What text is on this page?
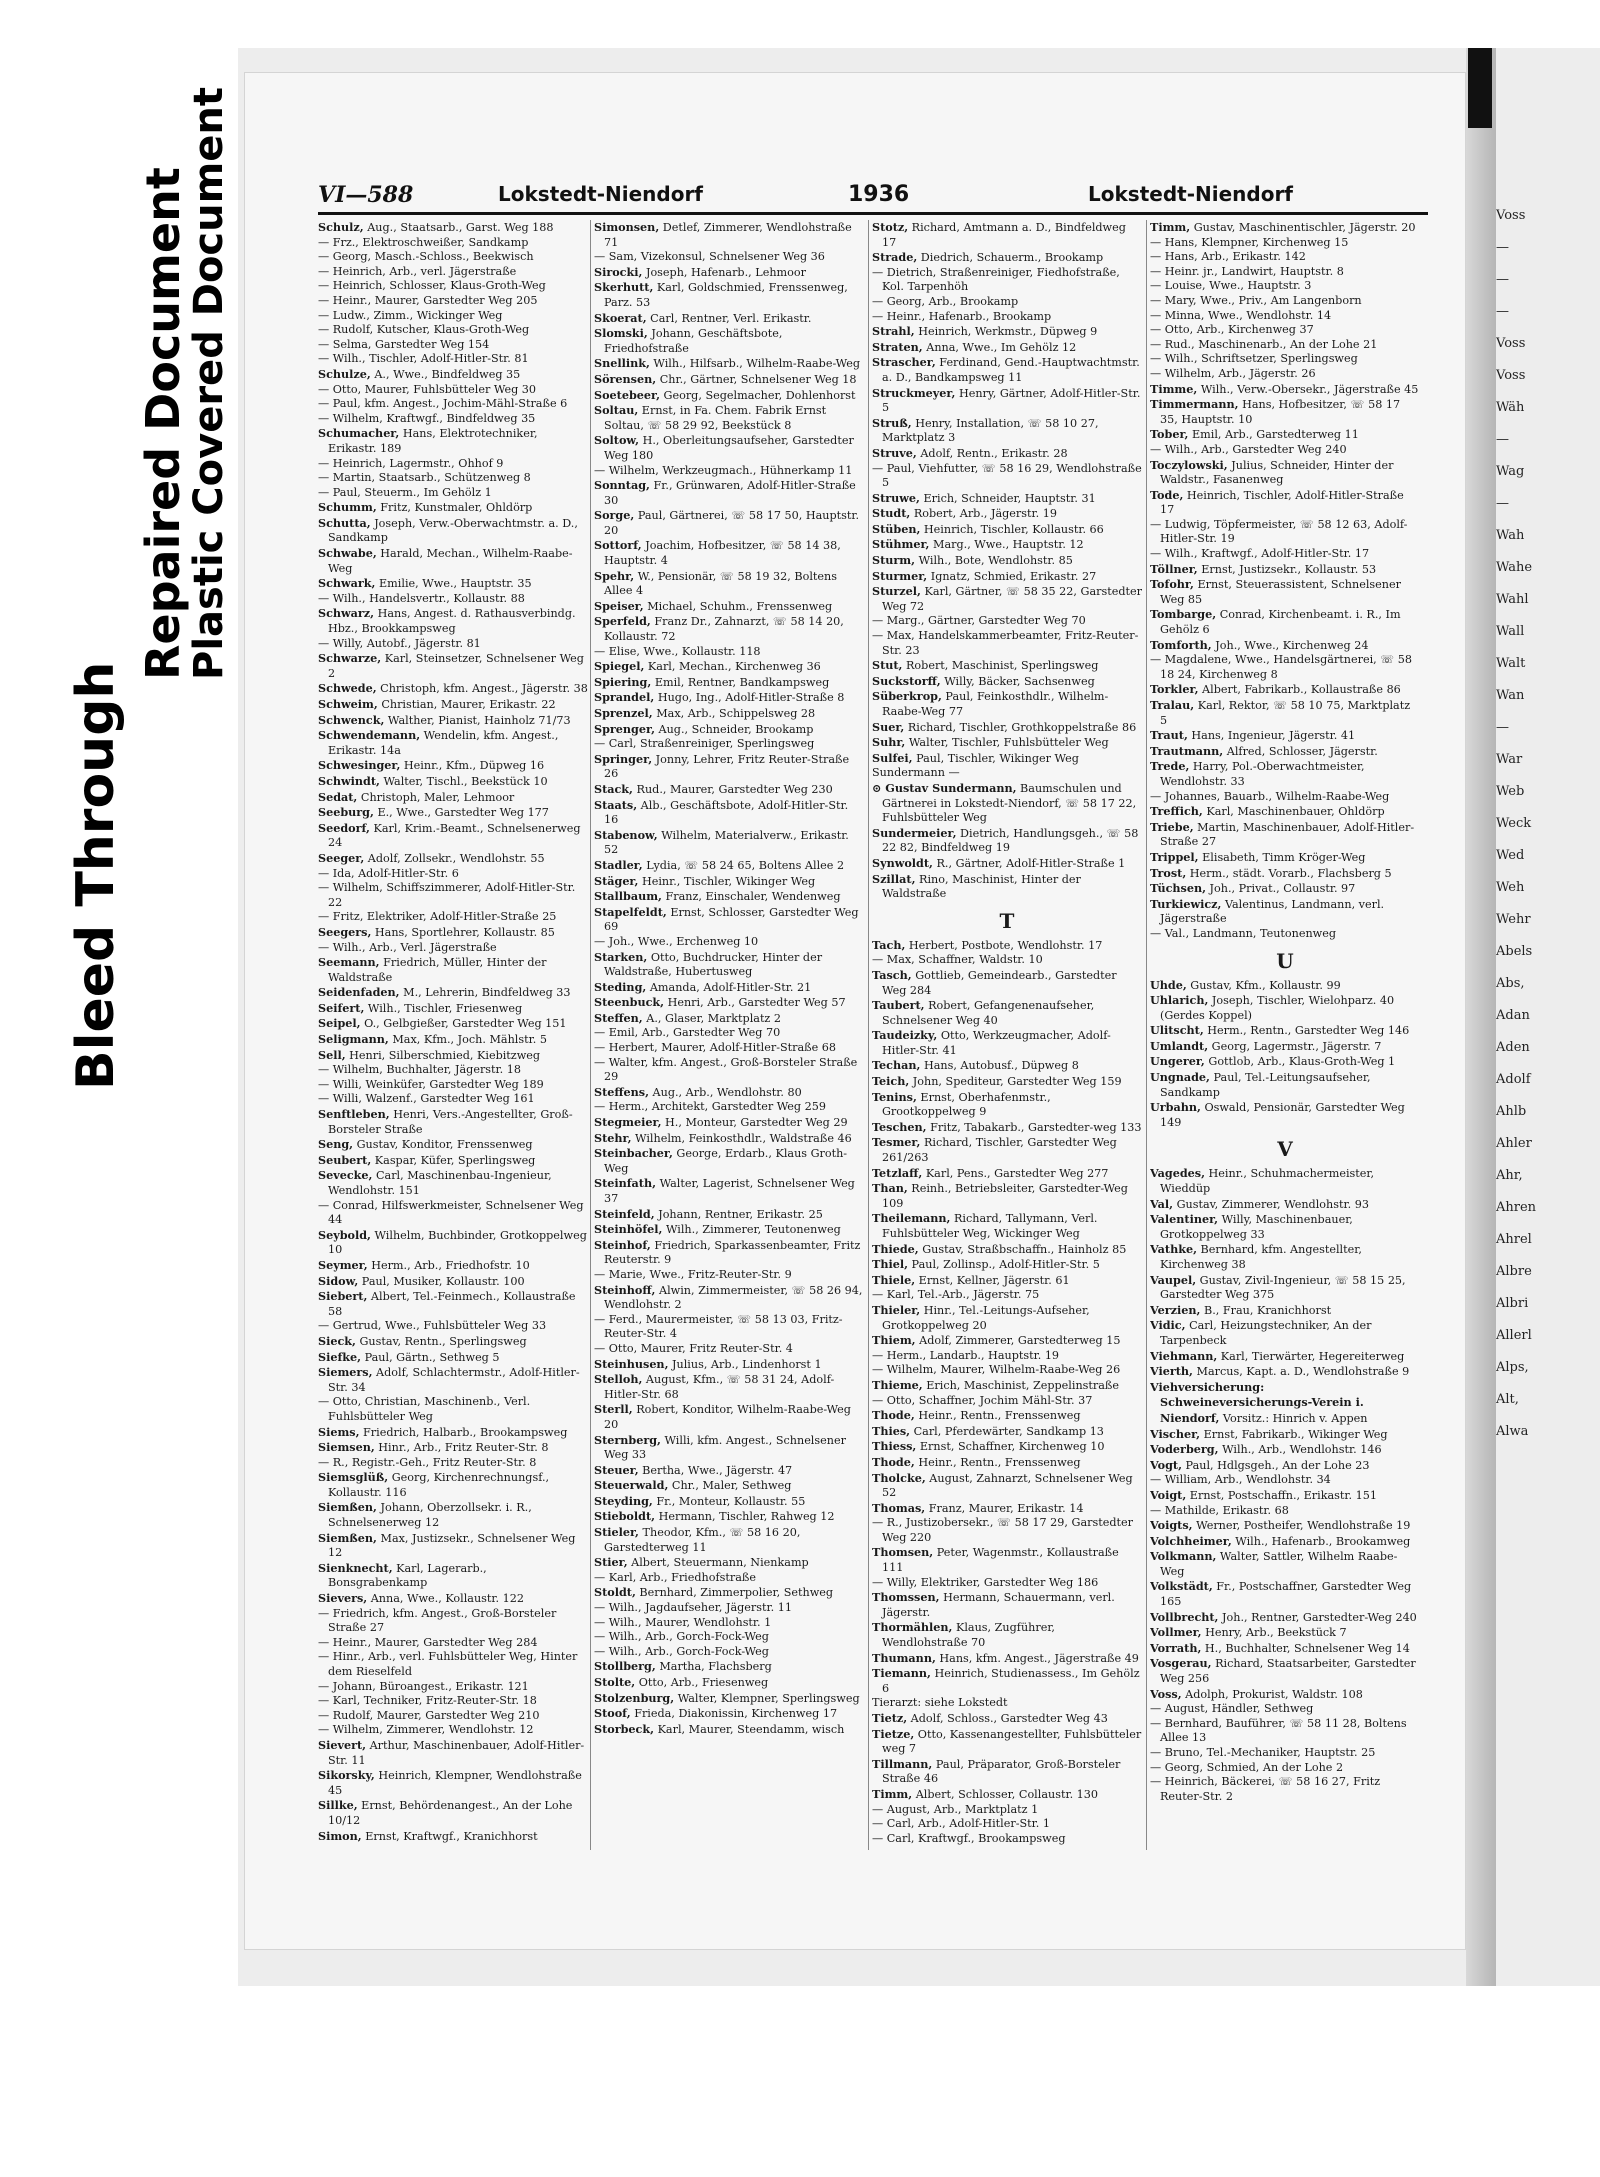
Bleed Through
Repaired Document
Plastic Covered Document	Voss
—
—
—
Voss
Voss
Wäh
—
Wag
—
Wah
Wahe
Wahl
Wall
Walt
Wan
—
War
Web
Weck
Wed
Weh
Wehr
Abels
Abs,
Adan
Aden
Adolf
Ahlb
Ahler
Ahr,
Ahren
Ahrel
Albre
Albri
Allerl
Alps,
Alt,
Alwa
VI—588	Lokstedt-Niendorf	1936	Lokstedt-Niendorf
Schulz, Aug., Staatsarb., Garst. Weg 188
— Frz., Elektroschweißer, Sandkamp
— Georg, Masch.-Schloss., Beekwisch
— Heinrich, Arb., verl. Jägerstraße
— Heinrich, Schlosser, Klaus-Groth-Weg
— Heinr., Maurer, Garstedter Weg 205
— Ludw., Zimm., Wickinger Weg
— Rudolf, Kutscher, Klaus-Groth-Weg
— Selma, Garstedter Weg 154
— Wilh., Tischler, Adolf-Hitler-Str. 81
Schulze, A., Wwe., Bindfeldweg 35
— Otto, Maurer, Fuhlsbütteler Weg 30
— Paul, kfm. Angest., Jochim-Mähl-Straße 6
— Wilhelm, Kraftwgf., Bindfeldweg 35
Schumacher, Hans, Elektrotechniker, Erikastr. 189
— Heinrich, Lagermstr., Ohhof 9
— Martin, Staatsarb., Schützenweg 8
— Paul, Steuerm., Im Gehölz 1
Schumm, Fritz, Kunstmaler, Ohldörp
Schutta, Joseph, Verw.-Oberwachtmstr. a. D., Sandkamp
Schwabe, Harald, Mechan., Wilhelm-Raabe-Weg
Schwark, Emilie, Wwe., Hauptstr. 35
— Wilh., Handelsvertr., Kollaustr. 88
Schwarz, Hans, Angest. d. Rathausverbindg. Hbz., Brookkampsweg
— Willy, Autobf., Jägerstr. 81
Schwarze, Karl, Steinsetzer, Schnelsener Weg 2
Schwede, Christoph, kfm. Angest., Jägerstr. 38
Schweim, Christian, Maurer, Erikastr. 22
Schwenck, Walther, Pianist, Hainholz 71/73
Schwendemann, Wendelin, kfm. Angest., Erikastr. 14a
Schwesinger, Heinr., Kfm., Düpweg 16
Schwindt, Walter, Tischl., Beekstück 10
Sedat, Christoph, Maler, Lehmoor
Seeburg, E., Wwe., Garstedter Weg 177
Seedorf, Karl, Krim.-Beamt., Schnelsenerweg 24
Seeger, Adolf, Zollsekr., Wendlohstr. 55
— Ida, Adolf-Hitler-Str. 6
— Wilhelm, Schiffszimmerer, Adolf-Hitler-Str. 22
— Fritz, Elektriker, Adolf-Hitler-Straße 25
Seegers, Hans, Sportlehrer, Kollaustr. 85
— Wilh., Arb., Verl. Jägerstraße
Seemann, Friedrich, Müller, Hinter der Waldstraße
Seidenfaden, M., Lehrerin, Bindfeldweg 33
Seifert, Wilh., Tischler, Friesenweg
Seipel, O., Gelbgießer, Garstedter Weg 151
Seligmann, Max, Kfm., Joch. Mählstr. 5
Sell, Henri, Silberschmied, Kiebitzweg
— Wilhelm, Buchhalter, Jägerstr. 18
— Willi, Weinküfer, Garstedter Weg 189
— Willi, Walzenf., Garstedter Weg 161
Senftleben, Henri, Vers.-Angestellter, Groß-Borsteler Straße
Seng, Gustav, Konditor, Frenssenweg
Seubert, Kaspar, Küfer, Sperlingsweg
Sevecke, Carl, Maschinenbau-Ingenieur, Wendlohstr. 151
— Conrad, Hilfswerkmeister, Schnelsener Weg 44
Seybold, Wilhelm, Buchbinder, Grotkoppelweg 10
Seymer, Herm., Arb., Friedhofstr. 10
Sidow, Paul, Musiker, Kollaustr. 100
Siebert, Albert, Tel.-Feinmech., Kollaustraße 58
— Gertrud, Wwe., Fuhlsbütteler Weg 33
Sieck, Gustav, Rentn., Sperlingsweg
Siefke, Paul, Gärtn., Sethweg 5
Siemers, Adolf, Schlachtermstr., Adolf-Hitler-Str. 34
— Otto, Christian, Maschinenb., Verl. Fuhlsbütteler Weg
Siems, Friedrich, Halbarb., Brookampsweg
Siemsen, Hinr., Arb., Fritz Reuter-Str. 8
— R., Registr.-Geh., Fritz Reuter-Str. 8
Siemsglüß, Georg, Kirchenrechnungsf., Kollaustr. 116
Siemßen, Johann, Oberzollsekr. i. R., Schnelsenerweg 12
Siemßen, Max, Justizsekr., Schnelsener Weg 12
Sienknecht, Karl, Lagerarb., Bonsgrabenkamp
Sievers, Anna, Wwe., Kollaustr. 122
— Friedrich, kfm. Angest., Groß-Borsteler Straße 27
— Heinr., Maurer, Garstedter Weg 284
— Hinr., Arb., verl. Fuhlsbütteler Weg, Hinter dem Rieselfeld
— Johann, Büroangest., Erikastr. 121
— Karl, Techniker, Fritz-Reuter-Str. 18
— Rudolf, Maurer, Garstedter Weg 210
— Wilhelm, Zimmerer, Wendlohstr. 12
Sievert, Arthur, Maschinenbauer, Adolf-Hitler-Str. 11
Sikorsky, Heinrich, Klempner, Wendlohstraße 45
Sillke, Ernst, Behördenangest., An der Lohe 10/12
Simon, Ernst, Kraftwgf., Kranichhorst
Simonsen, Detlef, Zimmerer, Wendlohstraße 71
— Sam, Vizekonsul, Schnelsener Weg 36
Sirocki, Joseph, Hafenarb., Lehmoor
Skerhutt, Karl, Goldschmied, Frenssenweg, Parz. 53
Skoerat, Carl, Rentner, Verl. Erikastr.
Slomski, Johann, Geschäftsbote, Friedhofstraße
Snellink, Wilh., Hilfsarb., Wilhelm-Raabe-Weg
Sörensen, Chr., Gärtner, Schnelsener Weg 18
Soetebeer, Georg, Segelmacher, Dohlenhorst
Soltau, Ernst, in Fa. Chem. Fabrik Ernst Soltau, ☏ 58 29 92, Beekstück 8
Soltow, H., Oberleitungsaufseher, Garstedter Weg 180
— Wilhelm, Werkzeugmach., Hühnerkamp 11
Sonntag, Fr., Grünwaren, Adolf-Hitler-Straße 30
Sorge, Paul, Gärtnerei, ☏ 58 17 50, Hauptstr. 20
Sottorf, Joachim, Hofbesitzer, ☏ 58 14 38, Hauptstr. 4
Spehr, W., Pensionär, ☏ 58 19 32, Boltens Allee 4
Speiser, Michael, Schuhm., Frenssenweg
Sperfeld, Franz Dr., Zahnarzt, ☏ 58 14 20, Kollaustr. 72
— Elise, Wwe., Kollaustr. 118
Spiegel, Karl, Mechan., Kirchenweg 36
Spiering, Emil, Rentner, Bandkampsweg
Sprandel, Hugo, Ing., Adolf-Hitler-Straße 8
Sprenzel, Max, Arb., Schippelsweg 28
Sprenger, Aug., Schneider, Brookamp
— Carl, Straßenreiniger, Sperlingsweg
Springer, Jonny, Lehrer, Fritz Reuter-Straße 26
Stack, Rud., Maurer, Garstedter Weg 230
Staats, Alb., Geschäftsbote, Adolf-Hitler-Str. 16
Stabenow, Wilhelm, Materialverw., Erikastr. 52
Stadler, Lydia, ☏ 58 24 65, Boltens Allee 2
Stäger, Heinr., Tischler, Wikinger Weg
Stallbaum, Franz, Einschaler, Wendenweg
Stapelfeldt, Ernst, Schlosser, Garstedter Weg 69
— Joh., Wwe., Erchenweg 10
Starken, Otto, Buchdrucker, Hinter der Waldstraße, Hubertusweg
Steding, Amanda, Adolf-Hitler-Str. 21
Steenbuck, Henri, Arb., Garstedter Weg 57
Steffen, A., Glaser, Marktplatz 2
— Emil, Arb., Garstedter Weg 70
— Herbert, Maurer, Adolf-Hitler-Straße 68
— Walter, kfm. Angest., Groß-Borsteler Straße 29
Steffens, Aug., Arb., Wendlohstr. 80
— Herm., Architekt, Garstedter Weg 259
Stegmeier, H., Monteur, Garstedter Weg 29
Stehr, Wilhelm, Feinkosthdlr., Waldstraße 46
Steinbacher, George, Erdarb., Klaus Groth-Weg
Steinfath, Walter, Lagerist, Schnelsener Weg 37
Steinfeld, Johann, Rentner, Erikastr. 25
Steinhöfel, Wilh., Zimmerer, Teutonenweg
Steinhof, Friedrich, Sparkassenbeamter, Fritz Reuterstr. 9
— Marie, Wwe., Fritz-Reuter-Str. 9
Steinhoff, Alwin, Zimmermeister, ☏ 58 26 94, Wendlohstr. 2
— Ferd., Maurermeister, ☏ 58 13 03, Fritz-Reuter-Str. 4
— Otto, Maurer, Fritz Reuter-Str. 4
Steinhusen, Julius, Arb., Lindenhorst 1
Stelloh, August, Kfm., ☏ 58 31 24, Adolf-Hitler-Str. 68
Sterll, Robert, Konditor, Wilhelm-Raabe-Weg 20
Sternberg, Willi, kfm. Angest., Schnelsener Weg 33
Steuer, Bertha, Wwe., Jägerstr. 47
Steuerwald, Chr., Maler, Sethweg
Steyding, Fr., Monteur, Kollaustr. 55
Stieboldt, Hermann, Tischler, Rahweg 12
Stieler, Theodor, Kfm., ☏ 58 16 20, Garstedterweg 11
Stier, Albert, Steuermann, Nienkamp
— Karl, Arb., Friedhofstraße
Stoldt, Bernhard, Zimmerpolier, Sethweg
— Wilh., Jagdaufseher, Jägerstr. 11
— Wilh., Maurer, Wendlohstr. 1
— Wilh., Arb., Gorch-Fock-Weg
— Wilh., Arb., Gorch-Fock-Weg
Stollberg, Martha, Flachsberg
Stolte, Otto, Arb., Friesenweg
Stolzenburg, Walter, Klempner, Sperlingsweg
Stoof, Frieda, Diakonissin, Kirchenweg 17
Storbeck, Karl, Maurer, Steendamm, wisch
Stotz, Richard, Amtmann a. D., Bindfeldweg 17
Strade, Diedrich, Schauerm., Brookamp
— Dietrich, Straßenreiniger, Fiedhofstraße, Kol. Tarpenhöh
— Georg, Arb., Brookamp
— Heinr., Hafenarb., Brookamp
Strahl, Heinrich, Werkmstr., Düpweg 9
Straten, Anna, Wwe., Im Gehölz 12
Strascher, Ferdinand, Gend.-Hauptwachtmstr. a. D., Bandkampsweg 11
Struckmeyer, Henry, Gärtner, Adolf-Hitler-Str. 5
Struß, Henry, Installation, ☏ 58 10 27, Marktplatz 3
Struve, Adolf, Rentn., Erikastr. 28
— Paul, Viehfutter, ☏ 58 16 29, Wendlohstraße 5
Struwe, Erich, Schneider, Hauptstr. 31
Studt, Robert, Arb., Jägerstr. 19
Stüben, Heinrich, Tischler, Kollaustr. 66
Stühmer, Marg., Wwe., Hauptstr. 12
Sturm, Wilh., Bote, Wendlohstr. 85
Sturmer, Ignatz, Schmied, Erikastr. 27
Sturzel, Karl, Gärtner, ☏ 58 35 22, Garstedter Weg 72
— Marg., Gärtner, Garstedter Weg 70
— Max, Handelskammerbeamter, Fritz-Reuter-Str. 23
Stut, Robert, Maschinist, Sperlingsweg
Suckstorff, Willy, Bäcker, Sachsenweg
Süberkrop, Paul, Feinkosthdlr., Wilhelm-Raabe-Weg 77
Suer, Richard, Tischler, Grothkoppelstraße 86
Suhr, Walter, Tischler, Fuhlsbütteler Weg
Sulfei, Paul, Tischler, Wikinger Weg
Sundermann —
⊙ Gustav Sundermann, Baumschulen und Gärtnerei in Lokstedt-Niendorf, ☏ 58 17 22, Fuhlsbütteler Weg
Sundermeier, Dietrich, Handlungsgeh., ☏ 58 22 82, Bindfeldweg 19
Synwoldt, R., Gärtner, Adolf-Hitler-Straße 1
Szillat, Rino, Maschinist, Hinter der Waldstraße
T
Tach, Herbert, Postbote, Wendlohstr. 17
— Max, Schaffner, Waldstr. 10
Tasch, Gottlieb, Gemeindearb., Garstedter Weg 284
Taubert, Robert, Gefangenenaufseher, Schnelsener Weg 40
Taudeizky, Otto, Werkzeugmacher, Adolf-Hitler-Str. 41
Techan, Hans, Autobusf., Düpweg 8
Teich, John, Spediteur, Garstedter Weg 159
Tenins, Ernst, Oberhafenmstr., Grootkoppelweg 9
Teschen, Fritz, Tabakarb., Garstedter-weg 133
Tesmer, Richard, Tischler, Garstedter Weg 261/263
Tetzlaff, Karl, Pens., Garstedter Weg 277
Than, Reinh., Betriebsleiter, Garstedter-Weg 109
Theilemann, Richard, Tallymann, Verl. Fuhlsbütteler Weg, Wickinger Weg
Thiede, Gustav, Straßbschaffn., Hainholz 85
Thiel, Paul, Zollinsp., Adolf-Hitler-Str. 5
Thiele, Ernst, Kellner, Jägerstr. 61
— Karl, Tel.-Arb., Jägerstr. 75
Thieler, Hinr., Tel.-Leitungs-Aufseher, Grotkoppelweg 20
Thiem, Adolf, Zimmerer, Garstedterweg 15
— Herm., Landarb., Hauptstr. 19
— Wilhelm, Maurer, Wilhelm-Raabe-Weg 26
Thieme, Erich, Maschinist, Zeppelinstraße
— Otto, Schaffner, Jochim Mähl-Str. 37
Thode, Heinr., Rentn., Frenssenweg
Thies, Carl, Pferdewärter, Sandkamp 13
Thiess, Ernst, Schaffner, Kirchenweg 10
Thode, Heinr., Rentn., Frenssenweg
Tholcke, August, Zahnarzt, Schnelsener Weg 52
Thomas, Franz, Maurer, Erikastr. 14
— R., Justizobersekr., ☏ 58 17 29, Garstedter Weg 220
Thomsen, Peter, Wagenmstr., Kollaustraße 111
— Willy, Elektriker, Garstedter Weg 186
Thomssen, Hermann, Schauermann, verl. Jägerstr.
Thormählen, Klaus, Zugführer, Wendlohstraße 70
Thumann, Hans, kfm. Angest., Jägerstraße 49
Tiemann, Heinrich, Studienassess., Im Gehölz 6
Tierarzt: siehe Lokstedt
Tietz, Adolf, Schloss., Garstedter Weg 43
Tietze, Otto, Kassenangestellter, Fuhlsbütteler weg 7
Tillmann, Paul, Präparator, Groß-Borsteler Straße 46
Timm, Albert, Schlosser, Collaustr. 130
— August, Arb., Marktplatz 1
— Carl, Arb., Adolf-Hitler-Str. 1
— Carl, Kraftwgf., Brookampsweg
Timm, Gustav, Maschinentischler, Jägerstr. 20
— Hans, Klempner, Kirchenweg 15
— Hans, Arb., Erikastr. 142
— Heinr. jr., Landwirt, Hauptstr. 8
— Louise, Wwe., Hauptstr. 3
— Mary, Wwe., Priv., Am Langenborn
— Minna, Wwe., Wendlohstr. 14
— Otto, Arb., Kirchenweg 37
— Rud., Maschinenarb., An der Lohe 21
— Wilh., Schriftsetzer, Sperlingsweg
— Wilhelm, Arb., Jägerstr. 26
Timme, Wilh., Verw.-Obersekr., Jägerstraße 45
Timmermann, Hans, Hofbesitzer, ☏ 58 17 35, Hauptstr. 10
Tober, Emil, Arb., Garstedterweg 11
— Wilh., Arb., Garstedter Weg 240
Toczylowski, Julius, Schneider, Hinter der Waldstr., Fasanenweg
Tode, Heinrich, Tischler, Adolf-Hitler-Straße 17
— Ludwig, Töpfermeister, ☏ 58 12 63, Adolf-Hitler-Str. 19
— Wilh., Kraftwgf., Adolf-Hitler-Str. 17
Töllner, Ernst, Justizsekr., Kollaustr. 53
Tofohr, Ernst, Steuerassistent, Schnelsener Weg 85
Tombarge, Conrad, Kirchenbeamt. i. R., Im Gehölz 6
Tomforth, Joh., Wwe., Kirchenweg 24
— Magdalene, Wwe., Handelsgärtnerei, ☏ 58 18 24, Kirchenweg 8
Torkler, Albert, Fabrikarb., Kollaustraße 86
Tralau, Karl, Rektor, ☏ 58 10 75, Marktplatz 5
Traut, Hans, Ingenieur, Jägerstr. 41
Trautmann, Alfred, Schlosser, Jägerstr.
Trede, Harry, Pol.-Oberwachtmeister, Wendlohstr. 33
— Johannes, Bauarb., Wilhelm-Raabe-Weg
Treffich, Karl, Maschinenbauer, Ohldörp
Triebe, Martin, Maschinenbauer, Adolf-Hitler-Straße 27
Trippel, Elisabeth, Timm Kröger-Weg
Trost, Herm., städt. Vorarb., Flachsberg 5
Tüchsen, Joh., Privat., Collaustr. 97
Turkiewicz, Valentinus, Landmann, verl. Jägerstraße
— Val., Landmann, Teutonenweg
U
Uhde, Gustav, Kfm., Kollaustr. 99
Uhlarich, Joseph, Tischler, Wielohparz. 40 (Gerdes Koppel)
Ulitscht, Herm., Rentn., Garstedter Weg 146
Umlandt, Georg, Lagermstr., Jägerstr. 7
Ungerer, Gottlob, Arb., Klaus-Groth-Weg 1
Ungnade, Paul, Tel.-Leitungsaufseher, Sandkamp
Urbahn, Oswald, Pensionär, Garstedter Weg 149
V
Vagedes, Heinr., Schuhmachermeister, Wieddüp
Val, Gustav, Zimmerer, Wendlohstr. 93
Valentiner, Willy, Maschinenbauer, Grotkoppelweg 33
Vathke, Bernhard, kfm. Angestellter, Kirchenweg 38
Vaupel, Gustav, Zivil-Ingenieur, ☏ 58 15 25, Garstedter Weg 375
Verzien, B., Frau, Kranichhorst
Vidic, Carl, Heizungstechniker, An der Tarpenbeck
Viehmann, Karl, Tierwärter, Hegereiterweg
Vierth, Marcus, Kapt. a. D., Wendlohstraße 9
Viehversicherung: Schweineversicherungs-Verein i. Niendorf, Vorsitz.: Hinrich v. Appen
Vischer, Ernst, Fabrikarb., Wikinger Weg
Voderberg, Wilh., Arb., Wendlohstr. 146
Vogt, Paul, Hdlgsgeh., An der Lohe 23
— William, Arb., Wendlohstr. 34
Voigt, Ernst, Postschaffn., Erikastr. 151
— Mathilde, Erikastr. 68
Voigts, Werner, Postheifer, Wendlohstraße 19
Volchheimer, Wilh., Hafenarb., Brookamweg
Volkmann, Walter, Sattler, Wilhelm Raabe-Weg
Volkstädt, Fr., Postschaffner, Garstedter Weg 165
Vollbrecht, Joh., Rentner, Garstedter-Weg 240
Vollmer, Henry, Arb., Beekstück 7
Vorrath, H., Buchhalter, Schnelsener Weg 14
Vosgerau, Richard, Staatsarbeiter, Garstedter Weg 256
Voss, Adolph, Prokurist, Waldstr. 108
— August, Händler, Sethweg
— Bernhard, Bauführer, ☏ 58 11 28, Boltens Allee 13
— Bruno, Tel.-Mechaniker, Hauptstr. 25
— Georg, Schmied, An der Lohe 2
— Heinrich, Bäckerei, ☏ 58 16 27, Fritz Reuter-Str. 2
